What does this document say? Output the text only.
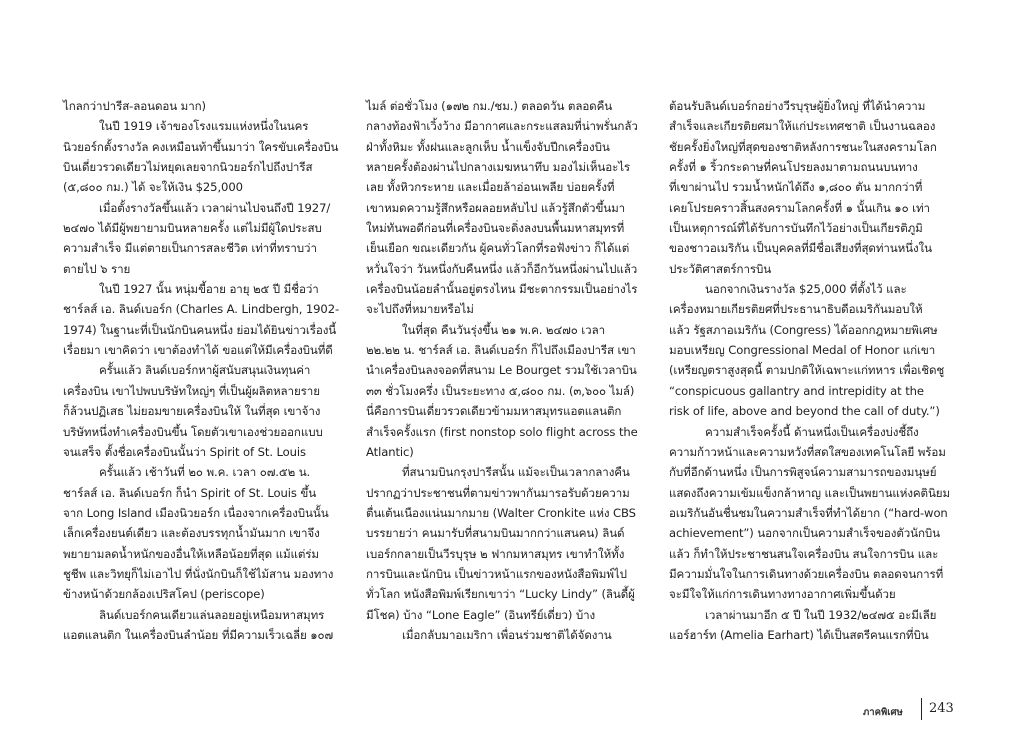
ไกลกว่าปารีส-ลอนดอน มาก)
ในปี 1919 เจ้าของโรงแรมแห่งหนึ่งในนคร
นิวยอร์กตั้งรางวัล คงเหมือนท้าขึ้นมาว่า ใครขับเครื่องบิน
บินเดี่ยวรวดเดียวไม่หยุดเลยจากนิวยอร์กไปถึงปารีส
(๕,๘๐๐ กม.) ได้ จะให้เงิน $25,000
เมื่อตั้งรางวัลขึ้นแล้ว เวลาผ่านไปจนถึงปี 1927/
๒๔๗๐ ได้มีผู้พยายามบินหลายครั้ง แต่ไม่มีผู้ใดประสบ
ความสำเร็จ มีแต่ตายเป็นการสละชีวิต เท่าที่ทราบว่า
ตายไป ๖ ราย
ในปี 1927 นั้น หนุ่มขี้อาย อายุ ๒๕ ปี มีชื่อว่า
ชาร์ลส์ เอ. ลินด์เบอร์ก (Charles A. Lindbergh, 1902-
1974) ในฐานะที่เป็นนักบินคนหนึ่ง ย่อมได้ยินข่าวเรื่องนี้
เรื่อยมา เขาคิดว่า เขาต้องทำได้ ขอแต่ให้มีเครื่องบินที่ดี
ครั้นแล้ว ลินด์เบอร์กหาผู้สนับสนุนเงินทุนค่า
เครื่องบิน เขาไปพบบริษัทใหญ่ๆ ที่เป็นผู้ผลิตหลายราย
ก็ล้วนปฏิเสธ ไม่ยอมขายเครื่องบินให้ ในที่สุด เขาจ้าง
บริษัทหนึ่งทำเครื่องบินขึ้น โดยตัวเขาเองช่วยออกแบบ
จนเสร็จ ตั้งชื่อเครื่องบินนั้นว่า Spirit of St. Louis
ครั้นแล้ว เช้าวันที่ ๒๐ พ.ค. เวลา ๐๗.๕๒ น.
ชาร์ลส์ เอ. ลินด์เบอร์ก ก็นำ Spirit of St. Louis ขึ้น
จาก Long Island เมืองนิวยอร์ก เนื่องจากเครื่องบินนั้น
เล็กเครื่องยนต์เดียว และต้องบรรทุกน้ำมันมาก เขาจึง
พยายามลดน้ำหนักของอื่นให้เหลือน้อยที่สุด แม้แต่ร่ม
ชูชีพ และวิทยุก็ไม่เอาไป ที่นั่งนักบินก็ใช้ไม้สาน มองทาง
ข้างหน้าด้วยกล้องเปริสโคป (periscope)
ลินด์เบอร์กคนเดียวแล่นลอยอยู่เหนือมหาสมุทร
แอตแลนติก ในเครื่องบินลำน้อย ที่มีความเร็วเฉลี่ย ๑๐๗
ไมล์ ต่อชั่วโมง (๑๗๒ กม./ชม.) ตลอดวัน ตลอดคืน
กลางท้องฟ้าเวิ้งว้าง มีอากาศและกระแสลมที่น่าพรั่นกลัว
ฝ่าทั้งหิมะ ทั้งฝนและลูกเห็บ น้ำแข็งจับปีกเครื่องบิน
หลายครั้งต้องผ่านไปกลางเมฆหนาทึบ มองไม่เห็นอะไร
เลย ทั้งหิวกระหาย และเมื่อยล้าอ่อนเพลีย บ่อยครั้งที่
เขาหมดความรู้สึกหรือผลอยหลับไป แล้วรู้สึกตัวขึ้นมา
ใหม่ทันพอดีก่อนที่เครื่องบินจะดิ่งลงบนพื้นมหาสมุทรที่
เย็นเยือก ขณะเดียวกัน ผู้คนทั่วโลกที่รอฟังข่าว ก็ได้แต่
หวั่นใจว่า วันหนึ่งกับคืนหนึ่ง แล้วก็อีกวันหนึ่งผ่านไปแล้ว
เครื่องบินน้อยลำนั้นอยู่ตรงไหน มีชะตากรรมเป็นอย่างไร
จะไปถึงที่หมายหรือไม่
ในที่สุด คืนวันรุ่งขึ้น ๒๑ พ.ค. ๒๔๗๐ เวลา
๒๒.๒๒ น. ชาร์ลส์ เอ. ลินด์เบอร์ก ก็ไปถึงเมืองปารีส เขา
นำเครื่องบินลงจอดที่สนาม Le Bourget รวมใช้เวลาบิน
๓๓ ชั่วโมงครึ่ง เป็นระยะทาง ๕,๘๐๐ กม. (๓,๖๐๐ ไมล์)
นี่คือการบินเดี่ยวรวดเดียวข้ามมหาสมุทรแอตแลนติก
สำเร็จครั้งแรก (first nonstop solo flight across the
Atlantic)
ที่สนามบินกรุงปารีสนั้น แม้จะเป็นเวลากลางคืน
ปรากฏว่าประชาชนที่ตามข่าวพากันมารอรับด้วยความ
ตื่นเต้นเนืองแน่นมากมาย (Walter Cronkite แห่ง CBS
บรรยายว่า คนมารับที่สนามบินมากกว่าแสนคน) ลินด์
เบอร์กกลายเป็นวีรบุรุษ ๒ ฟากมหาสมุทร เขาทำให้ทั้ง
การบินและนักบิน เป็นข่าวหน้าแรกของหนังสือพิมพ์ไป
ทั่วโลก หนังสือพิมพ์เรียกเขาว่า “Lucky Lindy” (ลินดี้ผู้
มีโชค) บ้าง “Lone Eagle” (อินทรีย์เดี่ยว) บ้าง
เมื่อกลับมาอเมริกา เพื่อนร่วมชาติได้จัดงาน
ต้อนรับลินด์เบอร์กอย่างวีรบุรุษผู้ยิ่งใหญ่ ที่ได้นำความ
สำเร็จและเกียรติยศมาให้แก่ประเทศชาติ เป็นงานฉลอง
ชัยครั้งยิ่งใหญ่ที่สุดของชาติหลังการชนะในสงครามโลก
ครั้งที่ ๑ ริ้วกระดาษที่คนโปรยลงมาตามถนนบนทาง
ที่เขาผ่านไป รวมน้ำหนักได้ถึง ๑,๘๐๐ ตัน มากกว่าที่
เคยโปรยคราวสิ้นสงครามโลกครั้งที่ ๑ นั้นเกิน ๑๐ เท่า
เป็นเหตุการณ์ที่ได้รับการบันทึกไว้อย่างเป็นเกียรติภูมิ
ของชาวอเมริกัน เป็นบุคคลที่มีชื่อเสียงที่สุดท่านหนึ่งใน
ประวัติศาสตร์การบิน
นอกจากเงินรางวัล $25,000 ที่ตั้งไว้ และ
เครื่องหมายเกียรติยศที่ประธานาธิบดีอเมริกันมอบให้
แล้ว รัฐสภาอเมริกัน (Congress) ได้ออกกฎหมายพิเศษ
มอบเหรียญ Congressional Medal of Honor แก่เขา
(เหรียญตราสูงสุดนี้ ตามปกติให้เฉพาะแก่ทหาร เพื่อเชิดชู
“conspicuous gallantry and intrepidity at the
risk of life, above and beyond the call of duty.”)
ความสำเร็จครั้งนี้ ด้านหนึ่งเป็นเครื่องบ่งชี้ถึง
ความก้าวหน้าและความหวังที่สดใสของเทคโนโลยี พร้อม
กับที่อีกด้านหนึ่ง เป็นการพิสูจน์ความสามารถของมนุษย์
แสดงถึงความเข้มแข็งกล้าหาญ และเป็นพยานแห่งคตินิยม
อเมริกันอันชื่นชมในความสำเร็จที่ทำได้ยาก (“hard-won
achievement”) นอกจากเป็นความสำเร็จของตัวนักบิน
แล้ว ก็ทำให้ประชาชนสนใจเครื่องบิน สนใจการบิน และ
มีความมั่นใจในการเดินทางด้วยเครื่องบิน ตลอดจนการที่
จะมีใจให้แก่การเดินทางทางอากาศเพิ่มขึ้นด้วย
เวลาผ่านมาอีก ๕ ปี ในปี 1932/๒๔๗๕ อะมีเลีย
แอร์ฮาร์ท (Amelia Earhart) ได้เป็นสตรีคนแรกที่บิน
ภาคพิเศษ 243
